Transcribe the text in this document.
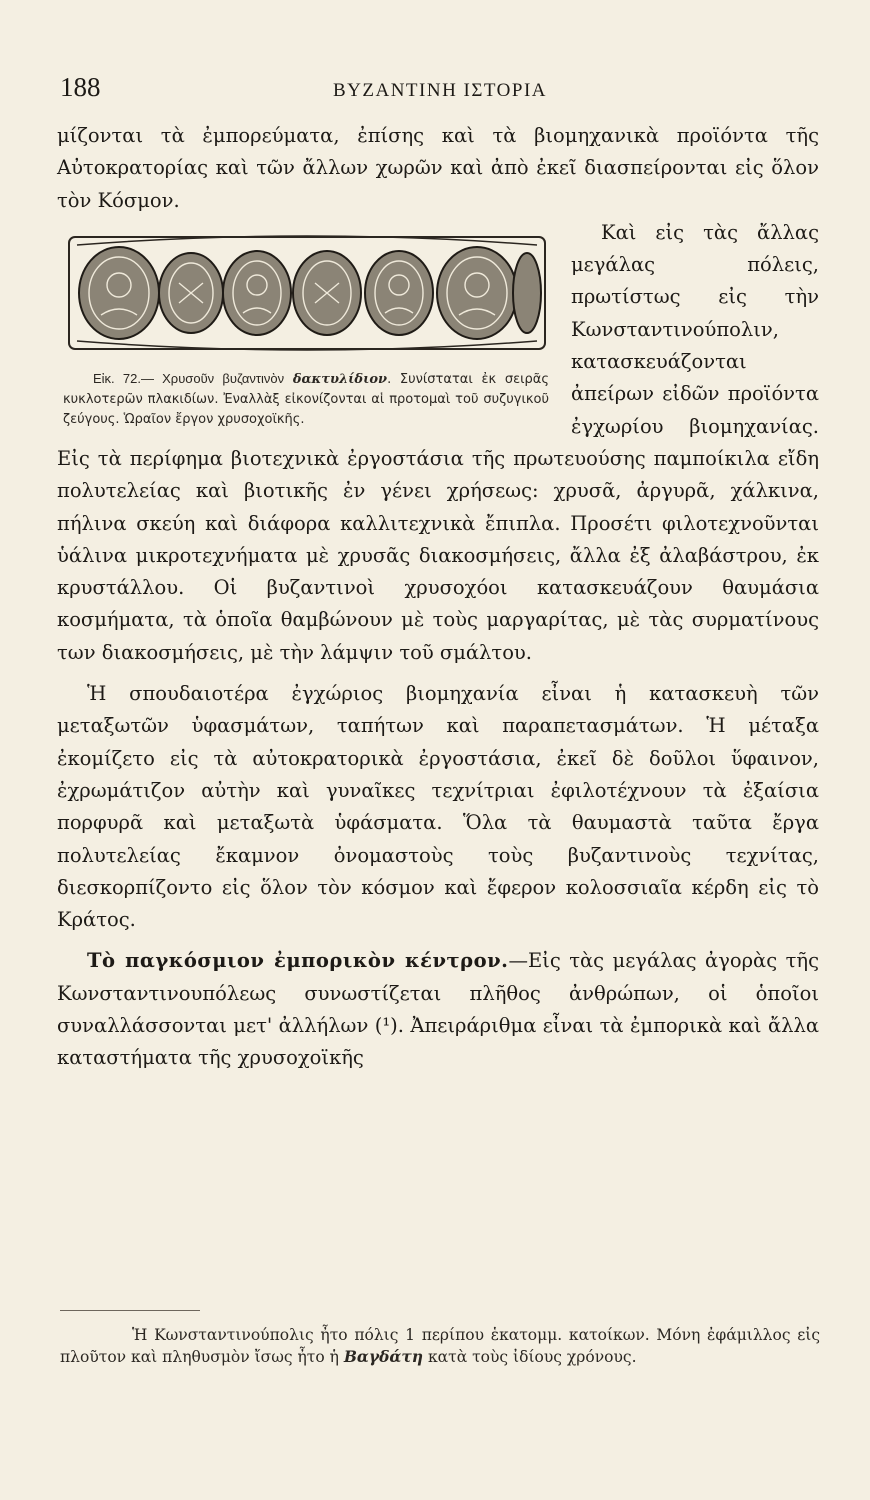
188	ΒΥΖΑΝΤΙΝΗ ΙΣΤΟΡΙΑ

μίζονται τὰ ἐμπορεύματα, ἐπίσης καὶ τὰ βιομηχανικὰ προϊόντα τῆς Αὐτοκρατορίας καὶ τῶν ἄλλων χωρῶν καὶ ἀπὸ ἐκεῖ διασπείρονται εἰς ὅλον τὸν Κόσμον.

Εἰκ. 72.— Χρυσοῦν βυζαντινὸν δακτυλίδιον. Συνίσταται ἐκ σειρᾶς κυκλοτερῶν πλακιδίων. Ἐναλλὰξ εἰκονίζονται αἱ προτομαὶ τοῦ συζυγικοῦ ζεύγους. Ὡραῖον ἔργον χρυσοχοϊκῆς.
Καὶ εἰς τὰς ἄλλας μεγάλας πόλεις, πρωτίστως εἰς τὴν Κωνσταντινούπολιν, κατασκευάζονται ἀπείρων εἰδῶν προϊόντα ἐγχωρίου βιομηχανίας. Εἰς τὰ περίφημα βιοτεχνικὰ ἐργοστάσια τῆς πρωτευούσης παμποίκιλα εἴδη πολυτελείας καὶ βιοτικῆς ἐν γένει χρήσεως: χρυσᾶ, ἀργυρᾶ, χάλκινα, πήλινα σκεύη καὶ διάφορα καλλιτεχνικὰ ἔπιπλα. Προσέτι φιλοτεχνοῦνται ὑάλινα μικροτεχνήματα μὲ χρυσᾶς διακοσμήσεις, ἄλλα ἐξ ἀλαβάστρου, ἐκ κρυστάλλου. Οἱ βυζαντινοὶ χρυσοχόοι κατασκευάζουν θαυμάσια κοσμήματα, τὰ ὁποῖα θαμβώνουν μὲ τοὺς μαργαρίτας, μὲ τὰς συρματίνους των διακοσμήσεις, μὲ τὴν λάμψιν τοῦ σμάλτου.

Ἡ σπουδαιοτέρα ἐγχώριος βιομηχανία εἶναι ἡ κατασκευὴ τῶν μεταξωτῶν ὑφασμάτων, ταπήτων καὶ παραπετασμάτων. Ἡ μέταξα ἐκομίζετο εἰς τὰ αὐτοκρατορικὰ ἐργοστάσια, ἐκεῖ δὲ δοῦλοι ὕφαινον, ἐχρωμάτιζον αὐτὴν καὶ γυναῖκες τεχνίτριαι ἐφιλοτέχνουν τὰ ἐξαίσια πορφυρᾶ καὶ μεταξωτὰ ὑφάσματα. Ὅλα τὰ θαυμαστὰ ταῦτα ἔργα πολυτελείας ἔκαμνον ὀνομαστοὺς τοὺς βυζαντινοὺς τεχνίτας, διεσκορπίζοντο εἰς ὅλον τὸν κόσμον καὶ ἔφερον κολοσσιαῖα κέρδη εἰς τὸ Κράτος.

Τὸ παγκόσμιον ἐμπορικὸν κέντρον.—Εἰς τὰς μεγάλας ἀγορὰς τῆς Κωνσταντινουπόλεως συνωστίζεται πλῆθος ἀνθρώπων, οἱ ὁποῖοι συναλλάσσονται μετ' ἀλλήλων (¹). Ἀπειράριθμα εἶναι τὰ ἐμπορικὰ καὶ ἄλλα καταστήματα τῆς χρυσοχοϊκῆς

Ἡ Κωνσταντινούπολις ἦτο πόλις 1 περίπου ἑκατομμ. κατοίκων. Μόνη ἐφάμιλλος εἰς πλοῦτον καὶ πληθυσμὸν ἴσως ἦτο ἡ Βαγδάτη κατὰ τοὺς ἰδίους χρόνους.
